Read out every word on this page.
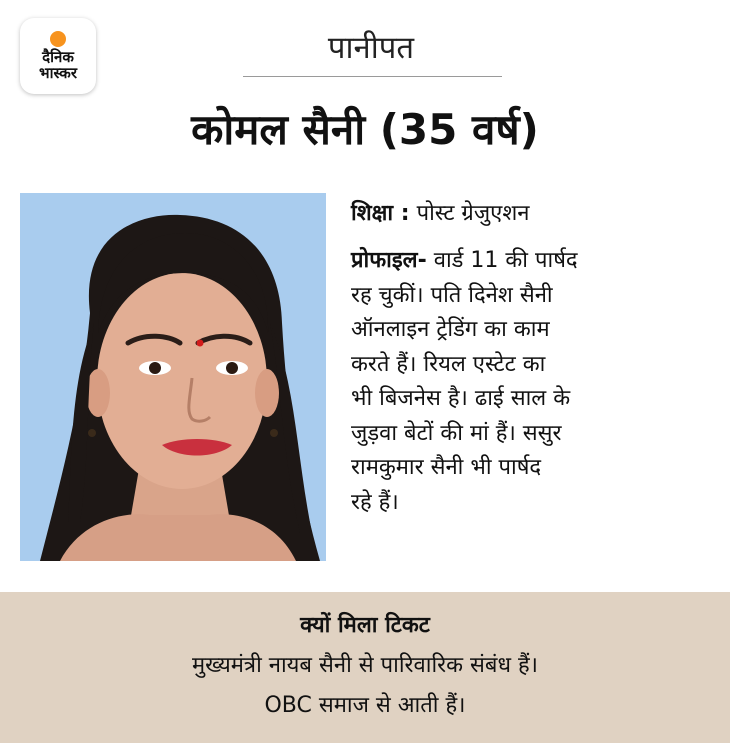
दैनिक
भास्कर
पानीपत
कोमल सैनी (35 वर्ष)

शिक्षा : पोस्ट ग्रेजुएशन

प्रोफाइल- वार्ड 11 की पार्षद
रह चुकीं। पति दिनेश सैनी
ऑनलाइन ट्रेडिंग का काम
करते हैं। रियल एस्टेट का
भी बिजनेस है। ढाई साल के
जुड़वा बेटों की मां हैं। ससुर
रामकुमार सैनी भी पार्षद
रहे हैं।
क्यों मिला टिकट
मुख्यमंत्री नायब सैनी से पारिवारिक संबंध हैं।
OBC समाज से आती हैं।
